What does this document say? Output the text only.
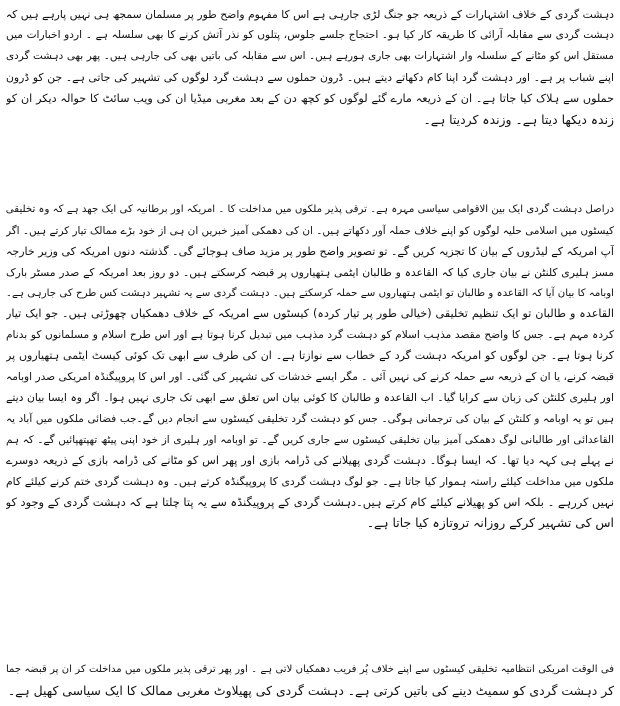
دہشت گردی کے خلاف اشتہارات کے ذریعہ جو جنگ لڑی جارہی ہے اس کا مفہوم واضح طور پر مسلمان سمجھ ہی نہیں پارہے ہیں کہ
دہشت گردی سے مقابلہ آرائی کا طریقہ کار کیا ہو۔ احتجاج جلسے جلوس، پتلوں کو نذر آتش کرنے کا بھی سلسلہ ہے ۔ اردو اخبارات میں
مستقل اس کو مٹانے کے سلسلہ وار اشتہارات بھی جاری ہورہے ہیں۔ اس سے مقابلہ کی باتیں بھی کی جارہی ہیں۔ پھر بھی دہشت گردی
اپنے شباب پر ہے۔ اور دہشت گرد اپنا کام دکھاتے دیتے ہیں۔ ڈرون حملوں سے دہشت گرد لوگوں کی تشہیر کی جاتی ہے۔ جن کو ڈرون
حملوں سے ہلاک کیا جاتا ہے۔ ان کے ذریعہ مارے گئے لوگوں کو کچھ دن کے بعد مغربی میڈیا ان کی ویب سائٹ کا حوالہ دیکر ان کو
زندہ دیکھا دیتا ہے۔ وزندہ کردیتا ہے۔
دراصل دہشت گردی ایک بین الاقوامی سیاسی مہرہ ہے۔ ترقی پذیر ملکوں میں مداخلت کا ۔ امریکہ اور برطانیہ کی ایک جھد ہے کہ وہ تخلیقی
کیسٹوں میں اسلامی حلیہ لوگوں کو اپنے خلاف حملہ آور دکھاتے ہیں۔ ان کی دھمکی آمیز خبریں ان ہی از خود بڑے ممالک تیار کرتے ہیں۔ اگر
آپ امریکہ کے لیڈروں کے بیان کا تجزیہ کریں گے۔ تو تصویر واضح طور پر مزید صاف ہوجائے گی۔ گذشتہ دنوں امریکہ کی وزیر خارجہ
مسز ہلیری کلنٹن نے بیان جاری کیا کہ القاعدہ و طالبان ایٹمی ہتھیاروں پر قبضہ کرسکتے ہیں۔ دو روز بعد امریکہ کے صدر مسٹر بارک
اوبامہ کا بیان آیا کہ القاعدہ و طالبان تو ایٹمی ہتھیاروں سے حملہ کرسکتے ہیں۔ دہشت گردی سے یہ تشہیر دہشت کس طرح کی جارہی ہے۔
القاعدہ و طالبان تو ایک تنظیم تخلیقی (خیالی طور پر تیار کردہ) کیسٹوں سے امریکہ کے خلاف دھمکیاں چھوڑتی ہیں۔ جو ایک تیار
کردہ مہم ہے۔ جس کا واضح مقصد مذہب اسلام کو دہشت گرد مذہب میں تبدیل کرنا ہوتا ہے اور اس طرح اسلام و مسلمانوں کو بدنام
کرنا ہوتا ہے۔ جن لوگوں کو امریکہ دہشت گرد کے خطاب سے نوازتا ہے۔ ان کی طرف سے ابھی تک کوئی کیسٹ ایٹمی ہتھیاروں پر
قبضہ کرنے، یا ان کے ذریعہ سے حملہ کرنے کی نہیں آئی ۔ مگر ایسے خدشات کی تشہیر کی گئی۔ اور اس کا پروپیگنڈہ امریکی صدر اوبامہ
اور ہلیری کلنٹن کی زبان سے کرایا گیا۔ اب القاعدہ و طالبان کا کوئی بیان اس تعلق سے ابھی تک جاری نہیں ہوا۔ اگر وہ ایسا بیان دیتے
ہیں تو یہ اوبامہ و کلنٹن کے بیان کی ترجمانی ہوگی۔ جس کو دہشت گرد تخلیقی کیسٹوں سے انجام دیں گے۔جب فضائی ملکوں میں آباد یہ
القاعدائی اور طالبانی لوگ دھمکی آمیز بیان تخلیقی کیسٹوں سے جاری کریں گے۔ تو اوبامہ اور ہلیری از خود اپنی پیٹھ تھپتھپائیں گے۔ کہ ہم
نے پہلے ہی کہہ دیا تھا۔ کہ ایسا ہوگا۔ دہشت گردی پھیلانے کی ڈرامہ بازی اور پھر اس کو مٹانے کی ڈرامہ بازی کے ذریعہ دوسرے
ملکوں میں مداخلت کیلئے راستہ ہموار کیا جاتا ہے۔ جو لوگ دہشت گردی کا پروپیگنڈہ کرتے ہیں۔ وہ دہشت گردی ختم کرنے کیلئے کام
نہیں کررہے ۔ بلکہ اس کو پھیلانے کیلئے کام کرتے ہیں۔دہشت گردی کے پروپیگنڈہ سے یہ پتا چلتا ہے کہ دہشت گردی کے وجود کو
اس کی تشہیر کرکے روزانہ تروتازہ کیا جاتا ہے۔
فی الوقت امریکی انتظامیہ تخلیقی کیسٹوں سے اپنے خلاف پُر فریب دھمکیاں لاتی ہے ۔ اور پھر ترقی پذیر ملکوں میں مداخلت کر ان پر قبضہ جما
کر دہشت گردی کو سمیٹ دینے کی باتیں کرتی ہے۔ دہشت گردی کی پھیلاوٹ مغربی ممالک کا ایک سیاسی کھیل ہے۔
